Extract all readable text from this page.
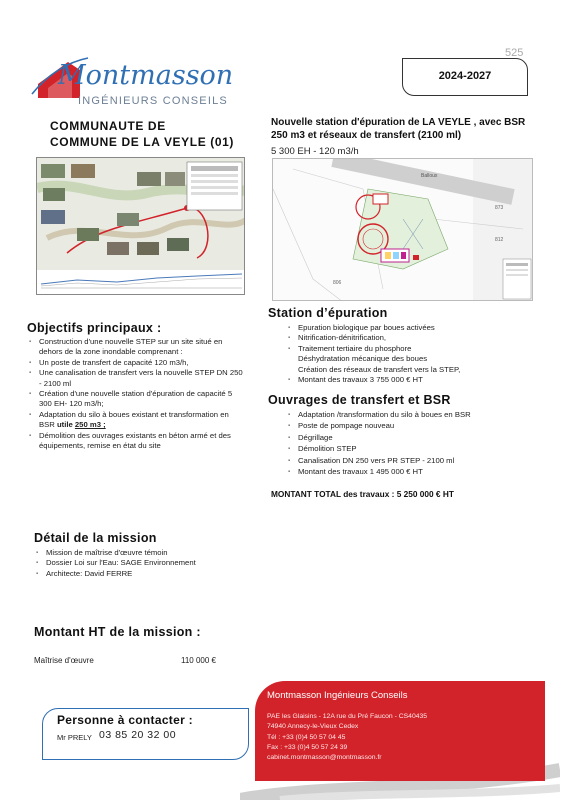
525
Montmasson
INGÉNIEURS CONSEILS
2024-2027
COMMUNAUTE DE
COMMUNE DE LA VEYLE (01)
Nouvelle station d'épuration de LA VEYLE , avec BSR
250 m3 et réseaux de transfert (2100 ml)
5 300 EH - 120 m3/h
Balloux
812
873
806
Objectifs principaux :
▪ Construction d'une nouvelle STEP sur un site situé en
dehors de la zone inondable comprenant :
▪ Un poste de transfert de capacité 120 m3/h,
▪ Une canalisation de transfert vers la nouvelle STEP DN 250
- 2100 ml
▪ Création d'une nouvelle station d'épuration de capacité 5
300 EH- 120 m3/h;
▪ Adaptation du silo à boues existant et transformation en
BSR utile 250 m3 ;
▪ Démolition des ouvrages existants en béton armé et des
équipements, remise en état du site
Station d’épuration
▪ Epuration biologique par boues activées
▪ Nitrification-dénitrification,
▪ Traitement tertiaire du phosphore
Déshydratation mécanique des boues
Création des réseaux de transfert vers la STEP,
▪ Montant des travaux 3 755 000 € HT
Ouvrages de transfert et BSR
▪ Adaptation /transformation du silo à boues en BSR
▪ Poste de pompage nouveau
▪ Dégrillage
▪ Démolition STEP
▪ Canalisation DN 250 vers PR STEP - 2100 ml
▪ Montant des travaux 1 495 000 € HT
MONTANT TOTAL des travaux : 5 250 000 € HT
Détail de la mission
▪ Mission de maîtrise d'œuvre témoin
▪ Dossier Loi sur l'Eau: SAGE Environnement
▪ Architecte: David FERRE
Montant HT de la mission :
Maîtrise d'œuvre	110 000 €
Personne à contacter :
Mr PRELY 03 85 20 32 00
Montmasson Ingénieurs Conseils
PAE les Glaisins - 12A rue du Pré Faucon - CS40435
74940 Annecy-le-Vieux Cedex
Tél : +33 (0)4 50 57 04 45
Fax : +33 (0)4 50 57 24 39
cabinet.montmasson@montmasson.fr
